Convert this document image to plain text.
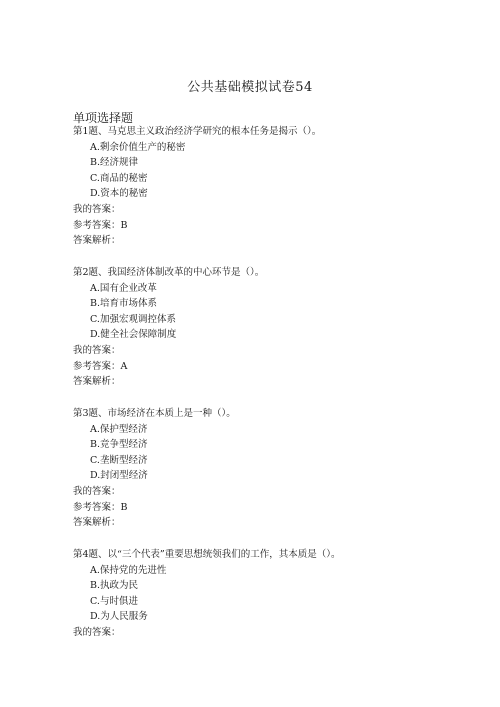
公共基础模拟试卷54
单项选择题
第1题、马克思主义政治经济学研究的根本任务是揭示（）。
A.剩余价值生产的秘密
B.经济规律
C.商品的秘密
D.资本的秘密
我的答案：
参考答案：B
答案解析：
第2题、我国经济体制改革的中心环节是（）。
A.国有企业改革
B.培育市场体系
C.加强宏观调控体系
D.健全社会保障制度
我的答案：
参考答案：A
答案解析：
第3题、市场经济在本质上是一种（）。
A.保护型经济
B.竞争型经济
C.垄断型经济
D.封闭型经济
我的答案：
参考答案：B
答案解析：
第4题、以“三个代表”重要思想统领我们的工作，其本质是（）。
A.保持党的先进性
B.执政为民
C.与时俱进
D.为人民服务
我的答案：
